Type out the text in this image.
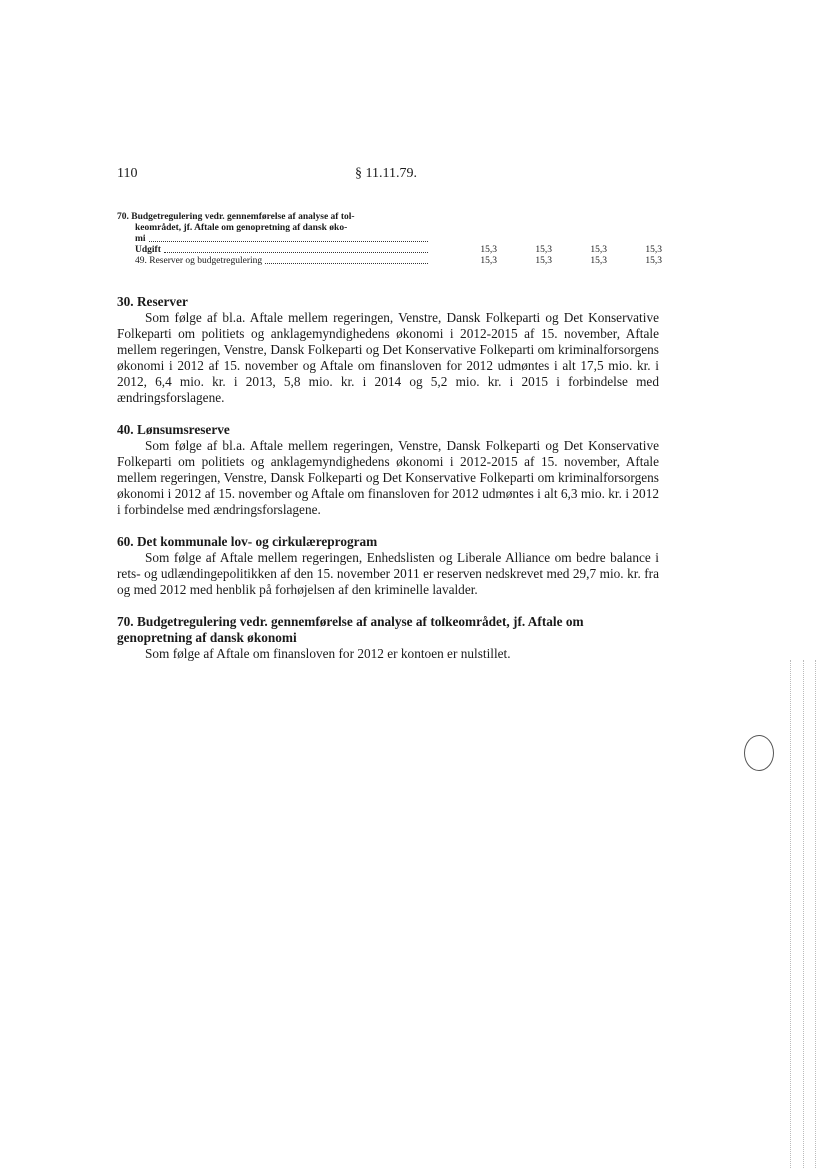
110	§ 11.11.79.
70. Budgetregulering vedr. gennemførelse af analyse af tol-
keområdet, jf. Aftale om genopretning af dansk øko-
mi
Udgift	15,3	15,3	15,3	15,3
49. Reserver og budgetregulering	15,3	15,3	15,3	15,3

30. Reserver

Som følge af bl.a. Aftale mellem regeringen, Venstre, Dansk Folkeparti og Det Konservative Folkeparti om politiets og anklagemyndighedens økonomi i 2012-2015 af 15. november, Aftale mellem regeringen, Venstre, Dansk Folkeparti og Det Konservative Folkeparti om kriminalforsorgens økonomi i 2012 af 15. november og Aftale om finansloven for 2012 udmøntes i alt 17,5 mio. kr. i 2012, 6,4 mio. kr. i 2013, 5,8 mio. kr. i 2014 og 5,2 mio. kr. i 2015 i forbindelse med ændringsforslagene.

40. Lønsumsreserve

Som følge af bl.a. Aftale mellem regeringen, Venstre, Dansk Folkeparti og Det Konservative Folkeparti om politiets og anklagemyndighedens økonomi i 2012-2015 af 15. november, Aftale mellem regeringen, Venstre, Dansk Folkeparti og Det Konservative Folkeparti om kriminalforsorgens økonomi i 2012 af 15. november og Aftale om finansloven for 2012 udmøntes i alt 6,3 mio. kr. i 2012 i forbindelse med ændringsforslagene.

60. Det kommunale lov- og cirkulæreprogram

Som følge af Aftale mellem regeringen, Enhedslisten og Liberale Alliance om bedre balance i rets- og udlændingepolitikken af den 15. november 2011 er reserven nedskrevet med 29,7 mio. kr. fra og med 2012 med henblik på forhøjelsen af den kriminelle lavalder.

70. Budgetregulering vedr. gennemførelse af analyse af tolkeområdet, jf. Aftale om genopretning af dansk økonomi

Som følge af Aftale om finansloven for 2012 er kontoen er nulstillet.
